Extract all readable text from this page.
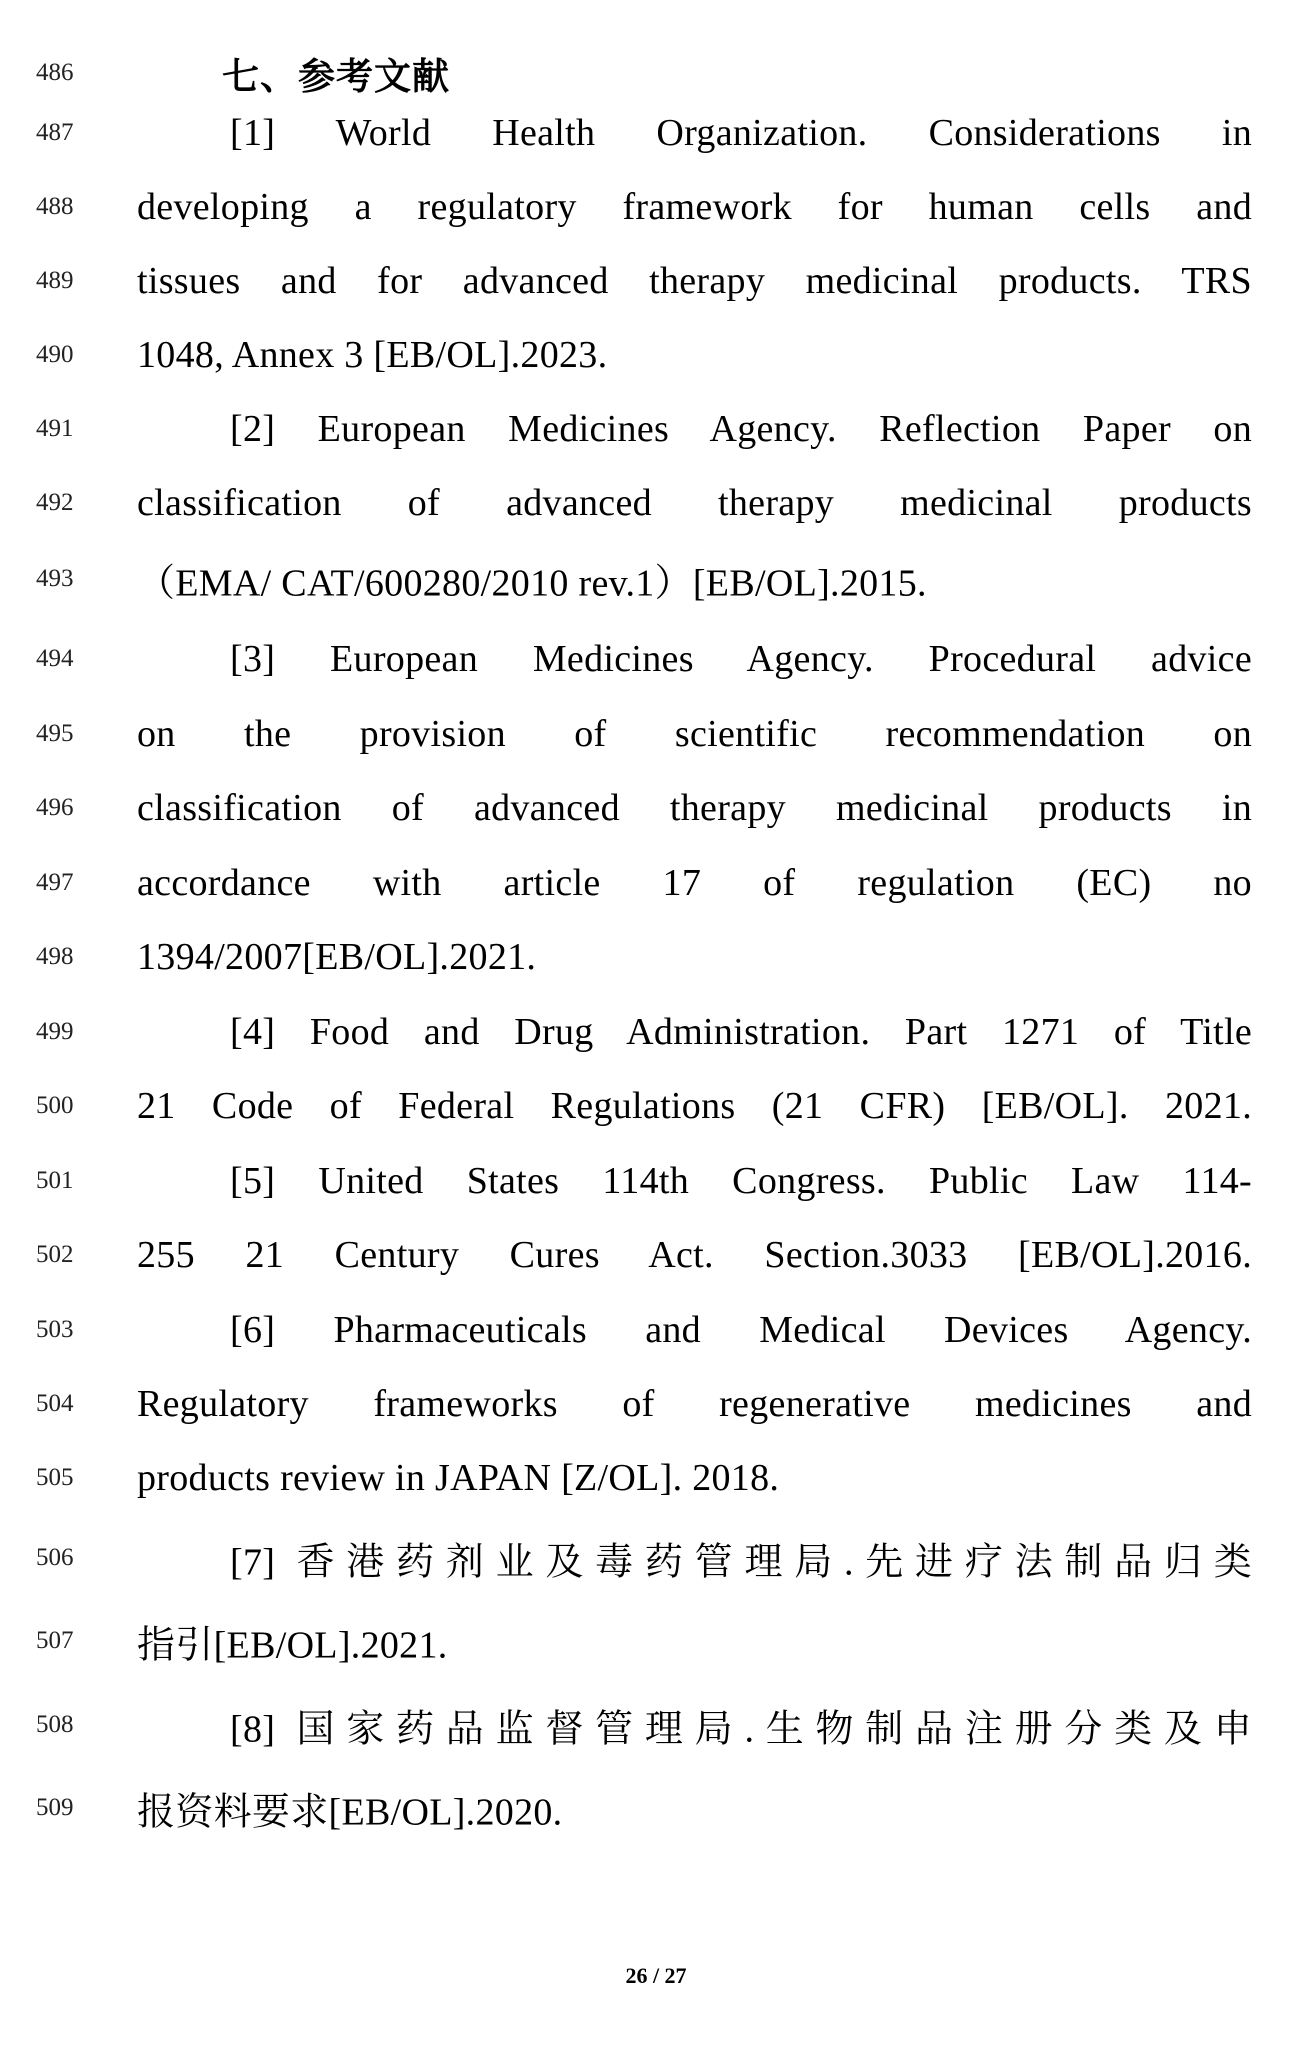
486	七、参考文献
487	[1] World Health Organization. Considerations in
488	developing a regulatory framework for human cells and
489	tissues and for advanced therapy medicinal products. TRS
490	1048, Annex 3 [EB/OL].2023.
491	[2] European Medicines Agency. Reflection Paper on
492	classification of advanced therapy medicinal products
493	（EMA/ CAT/600280/2010 rev.1）[EB/OL].2015.
494	[3] European Medicines Agency. Procedural advice
495	on the provision of scientific recommendation on
496	classification of advanced therapy medicinal products in
497	accordance with article 17 of regulation (EC) no
498	1394/2007[EB/OL].2021.
499	[4] Food and Drug Administration. Part 1271 of Title
500	21 Code of Federal Regulations (21 CFR) [EB/OL]. 2021.
501	[5] United States 114th Congress. Public Law 114-
502	255 21 Century Cures Act. Section.3033 [EB/OL].2016.
503	[6] Pharmaceuticals and Medical Devices Agency.
504	Regulatory frameworks of regenerative medicines and
505	products review in JAPAN [Z/OL]. 2018.
506	[7] 香港药剂业及毒药管理局.先进疗法制品归类
507	指引[EB/OL].2021.
508	[8] 国家药品监督管理局.生物制品注册分类及申
509	报资料要求[EB/OL].2020.
26 / 27
